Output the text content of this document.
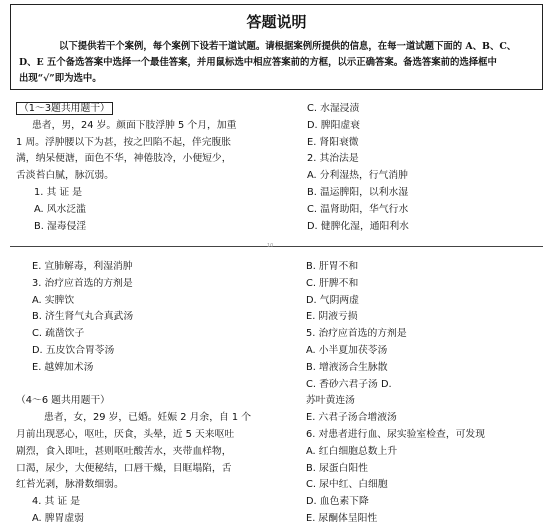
答题说明
以下提供若干个案例，每个案例下设若干道试题。请根据案例所提供的信息，在每一道试题下面的 A、B、C、
D、E 五个备选答案中选择一个最佳答案，并用鼠标选中相应答案前的方框，以示正确答案。备选答案前的选择框中
出现“√”即为选中。
（1～3题共用题干）
患者，男，24 岁。颜面下肢浮肿 5 个月，加重
1 周。浮肿腰以下为甚，按之凹陷不起，伴完腹胀
满，纳呆便溏，面色不华，神倦肢冷，小便短少，
舌淡苔白腻，脉沉弱。
1. 其 证 是
A. 风水泛滥
B. 湿毒侵淫
C. 水湿浸渍
D. 脾阳虚衰
E. 肾阳衰微
2. 其治法是
A. 分利湿热，行气消肿
B. 温运脾阳，以利水湿
C. 温肾助阳，华气行水
D. 健脾化湿，通阳利水
10
E. 宣肺解毒，利湿消肿
3. 治疗应首选的方剂是
A. 实脾饮
B. 济生肾气丸合真武汤
C. 疏凿饮子
D. 五皮饮合胃苓汤
E. 越婢加术汤
（4～6 题共用题干）
患者，女，29 岁，已婚。妊娠 2 月余，自 1 个
月前出现恶心，呕吐，厌食，头晕，近 5 天来呕吐
剧烈，食入即吐，甚则呕吐酸苦水，夹带血样物，
口渴，尿少，大便秘结，口唇干燥，目眶塌陷，舌
红苔光剥，脉滑数细弱。
4. 其 证 是
A. 脾胃虚弱
B. 肝胃不和
C. 肝脾不和
D. 气阴两虚
E. 阴液亏损
5. 治疗应首选的方剂是
A. 小半夏加茯苓汤
B. 增液汤合生脉散
C. 香砂六君子汤 D.
苏叶黄连汤
E. 六君子汤合增液汤
6. 对患者进行血、尿实验室检查，可发现
A. 红白细胞总数上升
B. 尿蛋白阳性
C. 尿中红、白细胞
D. 血色素下降
E. 尿酮体呈阳性
